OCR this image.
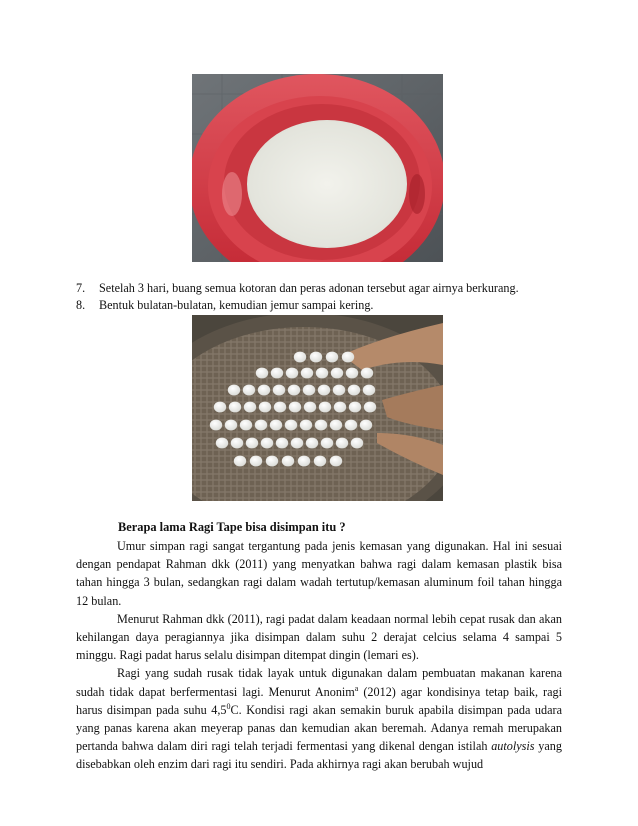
7.	Setelah 3 hari, buang semua kotoran dan peras adonan tersebut agar airnya berkurang.
8.	Bentuk bulatan-bulatan, kemudian jemur sampai kering.
Berapa lama Ragi Tape bisa disimpan itu ?

Umur simpan ragi sangat tergantung pada jenis kemasan yang digunakan. Hal ini sesuai dengan pendapat Rahman dkk (2011) yang menyatkan bahwa ragi dalam kemasan plastik bisa tahan hingga 3 bulan, sedangkan ragi dalam wadah tertutup/kemasan aluminum foil tahan hingga 12 bulan.

Menurut Rahman dkk (2011), ragi padat dalam keadaan normal lebih cepat rusak dan akan kehilangan daya peragiannya jika disimpan dalam suhu 2 derajat celcius selama 4 sampai 5 minggu. Ragi padat harus selalu disimpan ditempat dingin (lemari es).

Ragi yang sudah rusak tidak layak untuk digunakan dalam pembuatan makanan karena sudah tidak dapat berfermentasi lagi. Menurut Anonim$^a$ (2012) agar kondisinya tetap baik, ragi harus disimpan pada suhu $4,5^0C$. Kondisi ragi akan semakin buruk apabila disimpan pada udara yang panas karena akan meyerap panas dan kemudian akan beremah. Adanya remah merupakan pertanda bahwa dalam diri ragi telah terjadi fermentasi yang dikenal dengan istilah autolysis yang disebabkan oleh enzim dari ragi itu sendiri. Pada akhirnya ragi akan berubah wujud
